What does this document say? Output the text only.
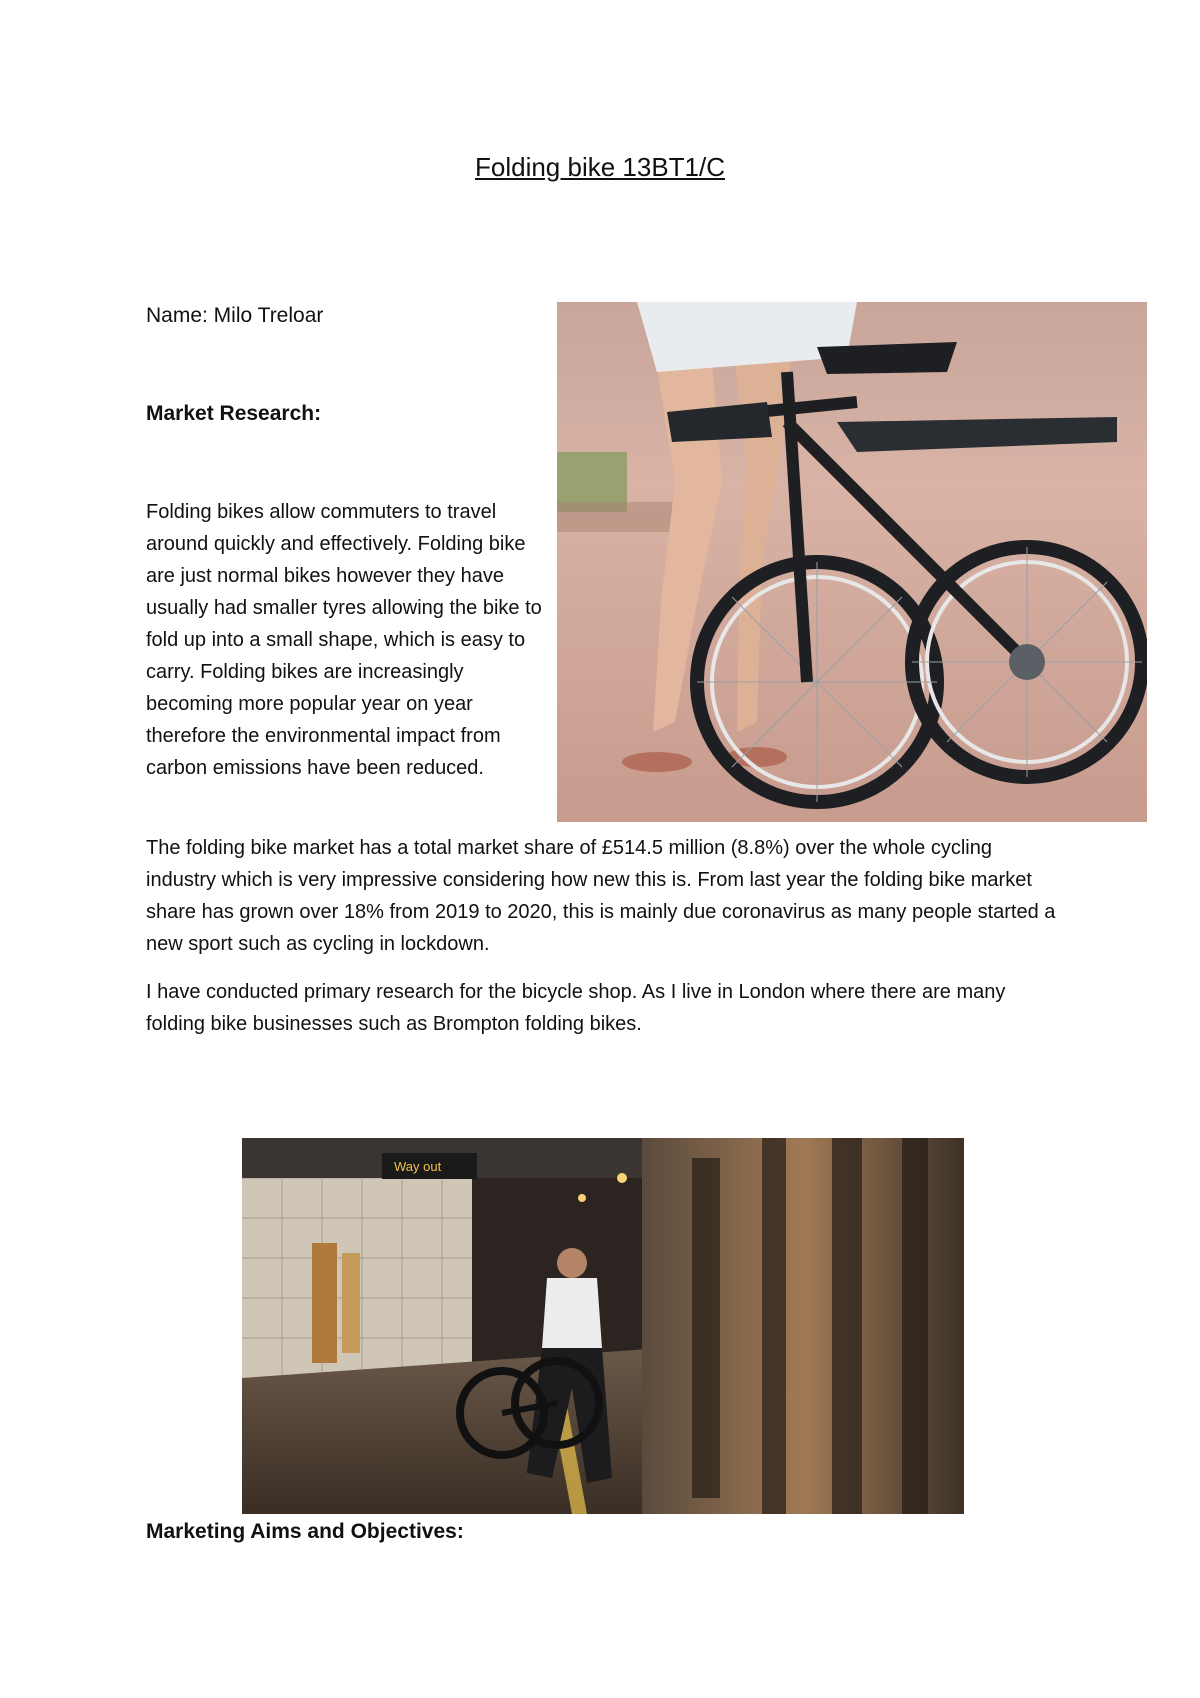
Folding bike 13BT1/C

Name: Milo Treloar

Market Research:

Folding bikes allow commuters to travel around quickly and effectively. Folding bike are just normal bikes however they have usually had smaller tyres allowing the bike to fold up into a small shape, which is easy to carry. Folding bikes are increasingly becoming more popular year on year therefore the environmental impact from carbon emissions have been reduced.

The folding bike market has a total market share of £514.5 million (8.8%) over the whole cycling industry which is very impressive considering how new this is. From last year the folding bike market share has grown over 18% from 2019 to 2020, this is mainly due coronavirus as many people started a new sport such as cycling in lockdown.

I have conducted primary research for the bicycle shop. As I live in London where there are many folding bike businesses such as Brompton folding bikes.

Way out

Marketing Aims and Objectives:
